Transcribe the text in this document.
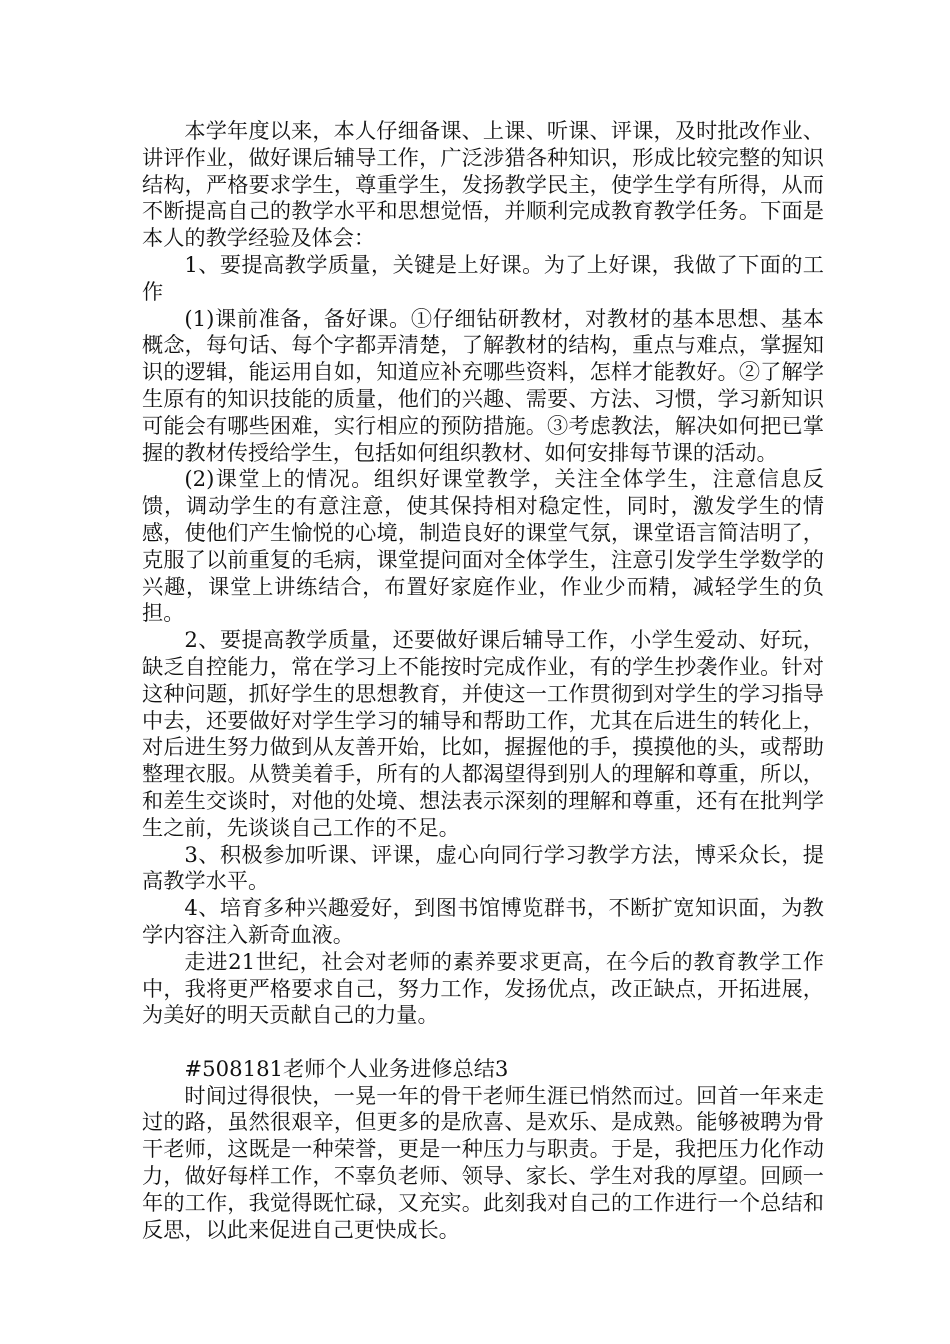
本学年度以来，本人仔细备课、上课、听课、评课，及时批改作业、讲评作业，做好课后辅导工作，广泛涉猎各种知识，形成比较完整的知识结构，严格要求学生，尊重学生，发扬教学民主，使学生学有所得，从而不断提高自己的教学水平和思想觉悟，并顺利完成教育教学任务。下面是本人的教学经验及体会：

1、要提高教学质量，关键是上好课。为了上好课，我做了下面的工作

(1)课前准备，备好课。①仔细钻研教材，对教材的基本思想、基本概念，每句话、每个字都弄清楚，了解教材的结构，重点与难点，掌握知识的逻辑，能运用自如，知道应补充哪些资料，怎样才能教好。②了解学生原有的知识技能的质量，他们的兴趣、需要、方法、习惯，学习新知识可能会有哪些困难，实行相应的预防措施。③考虑教法，解决如何把已掌握的教材传授给学生，包括如何组织教材、如何安排每节课的活动。

(2)课堂上的情况。组织好课堂教学，关注全体学生，注意信息反馈，调动学生的有意注意，使其保持相对稳定性，同时，激发学生的情感，使他们产生愉悦的心境，制造良好的课堂气氛，课堂语言简洁明了，克服了以前重复的毛病，课堂提问面对全体学生，注意引发学生学数学的兴趣，课堂上讲练结合，布置好家庭作业，作业少而精，减轻学生的负担。

2、要提高教学质量，还要做好课后辅导工作，小学生爱动、好玩，缺乏自控能力，常在学习上不能按时完成作业，有的学生抄袭作业。针对这种问题，抓好学生的思想教育，并使这一工作贯彻到对学生的学习指导中去，还要做好对学生学习的辅导和帮助工作，尤其在后进生的转化上，对后进生努力做到从友善开始，比如，握握他的手，摸摸他的头，或帮助整理衣服。从赞美着手，所有的人都渴望得到别人的理解和尊重，所以，和差生交谈时，对他的处境、想法表示深刻的理解和尊重，还有在批判学生之前，先谈谈自己工作的不足。

3、积极参加听课、评课，虚心向同行学习教学方法，博采众长，提高教学水平。

4、培育多种兴趣爱好，到图书馆博览群书，不断扩宽知识面，为教学内容注入新奇血液。

走进21世纪，社会对老师的素养要求更高，在今后的教育教学工作中，我将更严格要求自己，努力工作，发扬优点，改正缺点，开拓进展，为美好的明天贡献自己的力量。

#508181老师个人业务进修总结3

时间过得很快，一晃一年的骨干老师生涯已悄然而过。回首一年来走过的路，虽然很艰辛，但更多的是欣喜、是欢乐、是成熟。能够被聘为骨干老师，这既是一种荣誉，更是一种压力与职责。于是，我把压力化作动力，做好每样工作，不辜负老师、领导、家长、学生对我的厚望。回顾一年的工作，我觉得既忙碌，又充实。此刻我对自己的工作进行一个总结和反思，以此来促进自己更快成长。
